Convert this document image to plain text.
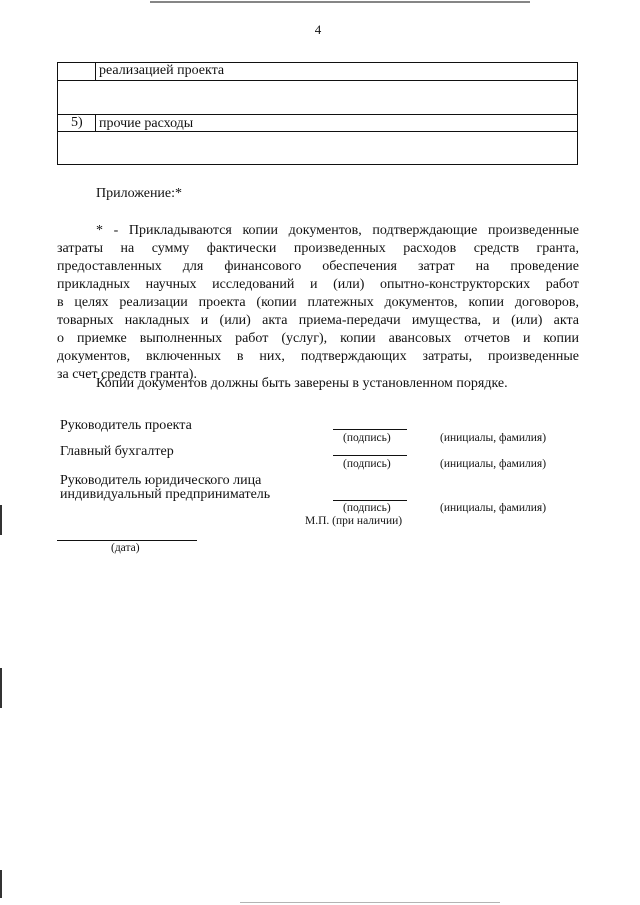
4
реализацией проекта
5) прочие расходы
Приложение:*
* - Прикладываются копии документов, подтверждающие произведенные
затраты на сумму фактически произведенных расходов средств гранта,
предоставленных для финансового обеспечения затрат на проведение
прикладных научных исследований и (или) опытно-конструкторских работ
в целях реализации проекта (копии платежных документов, копии договоров,
товарных накладных и (или) акта приема-передачи имущества, и (или) акта
о приемке выполненных работ (услуг), копии авансовых отчетов и копии
документов, включенных в них, подтверждающих затраты, произведенные
за счет средств гранта).
Копии документов должны быть заверены в установленном порядке.
Руководитель проекта
(подпись)	(инициалы, фамилия)
Главный бухгалтер
(подпись)	(инициалы, фамилия)
Руководитель юридического лица
индивидуальный предприниматель
(подпись)	(инициалы, фамилия)
М.П. (при наличии)
(дата)
